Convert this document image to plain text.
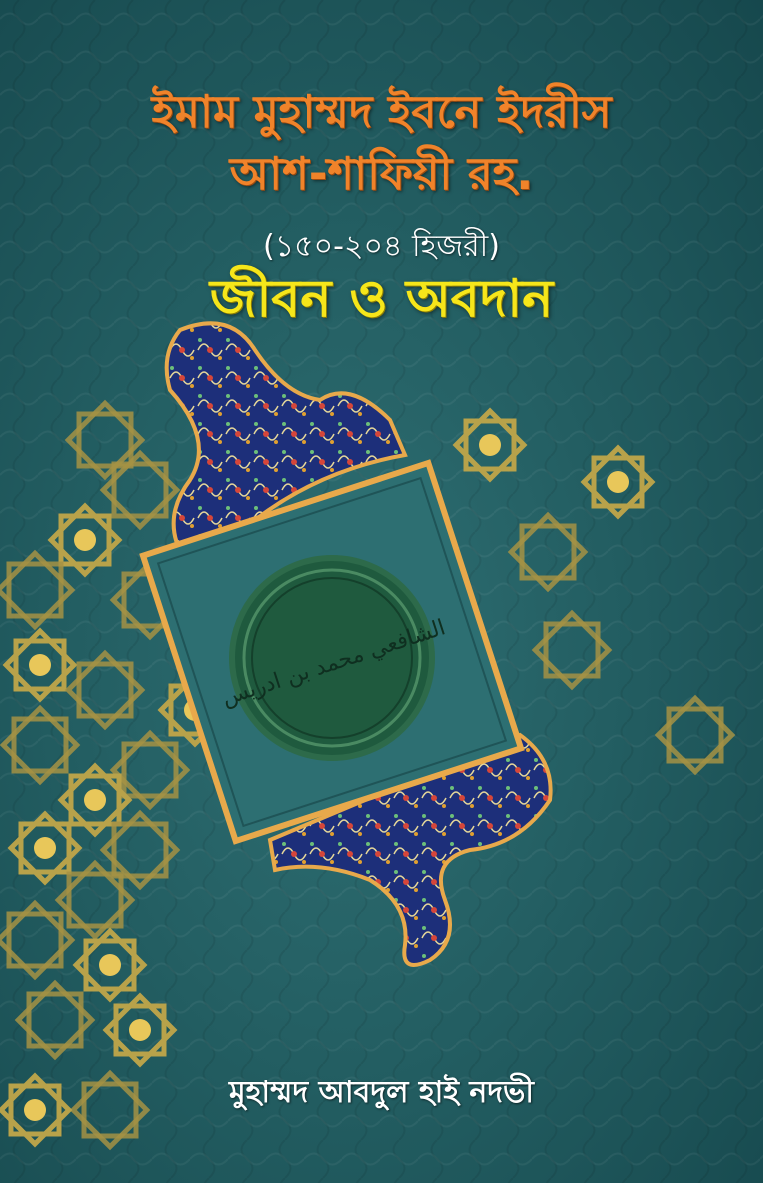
ইমাম মুহাম্মদ ইবনে ইদরীস
আশ-শাফিয়ী রহ.
(১৫০-২০৪ হিজরী)
জীবন ও অবদান
الشافعي محمد بن ادريس
মুহাম্মদ আবদুল হাই নদভী
